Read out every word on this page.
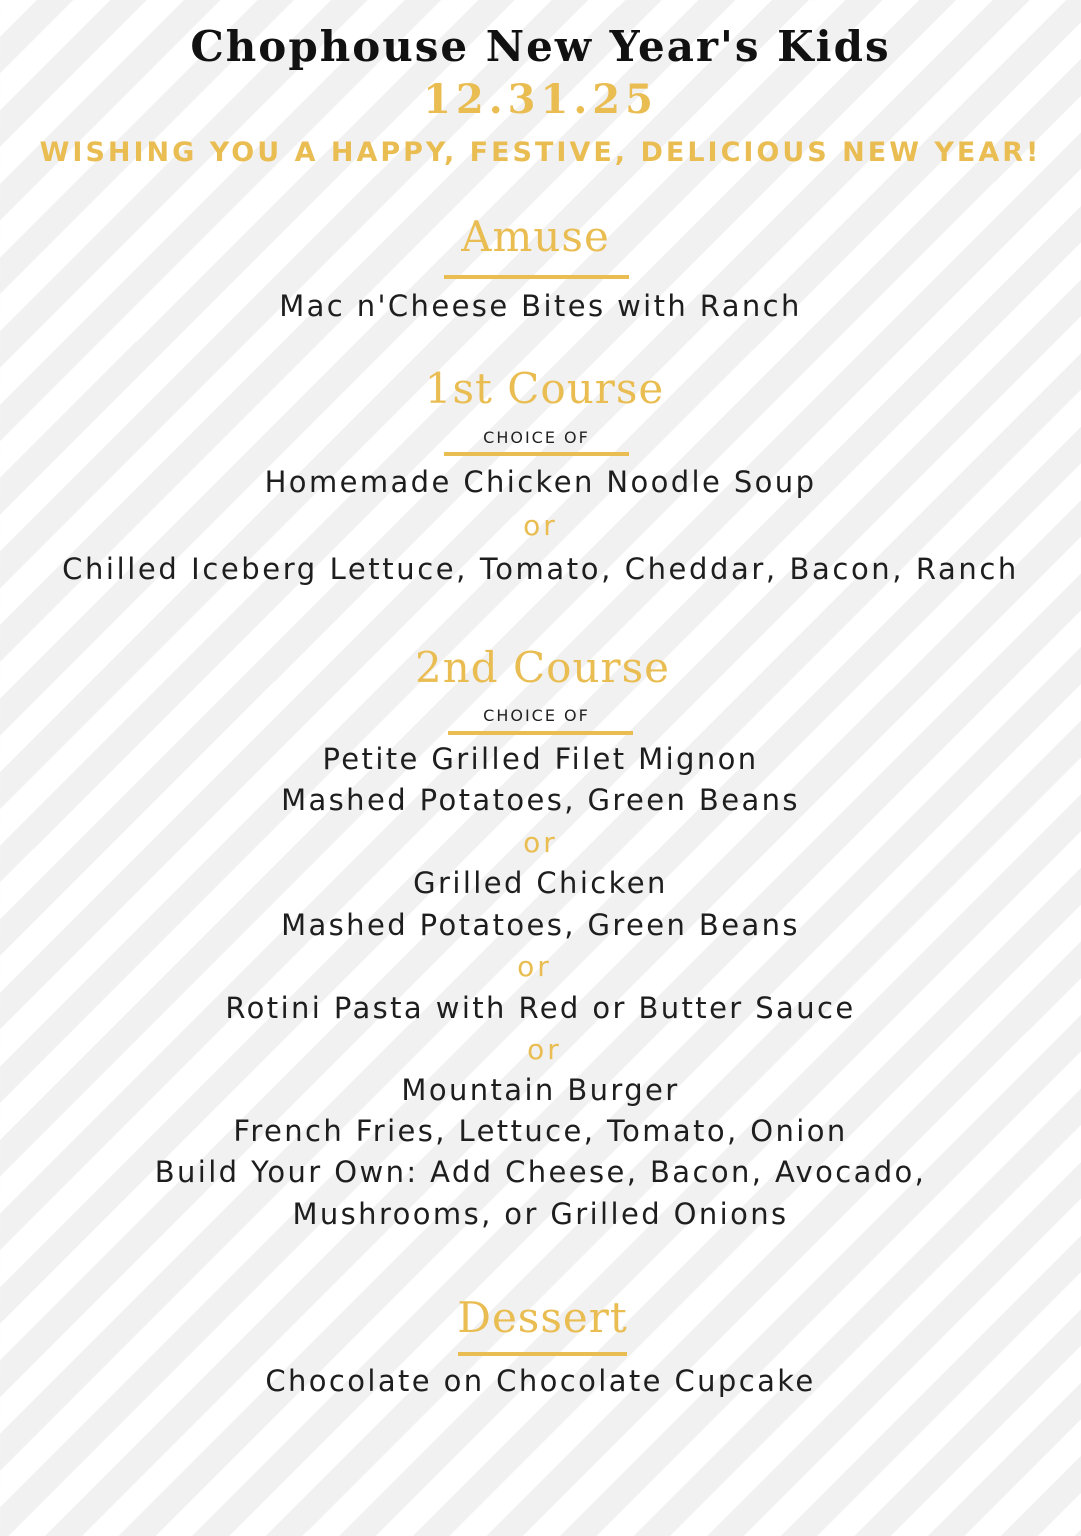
Chophouse New Year's Kids
12.31.25
WISHING YOU A HAPPY, FESTIVE, DELICIOUS NEW YEAR!
Amuse
Mac n'Cheese Bites with Ranch
1st Course
CHOICE OF
Homemade Chicken Noodle Soup
or
Chilled Iceberg Lettuce, Tomato, Cheddar, Bacon, Ranch
2nd Course
CHOICE OF
Petite Grilled Filet Mignon
Mashed Potatoes, Green Beans
or
Grilled Chicken
Mashed Potatoes, Green Beans
or
Rotini Pasta with Red or Butter Sauce
or
Mountain Burger
French Fries, Lettuce, Tomato, Onion
Build Your Own: Add Cheese, Bacon, Avocado,
Mushrooms, or Grilled Onions
Dessert
Chocolate on Chocolate Cupcake
